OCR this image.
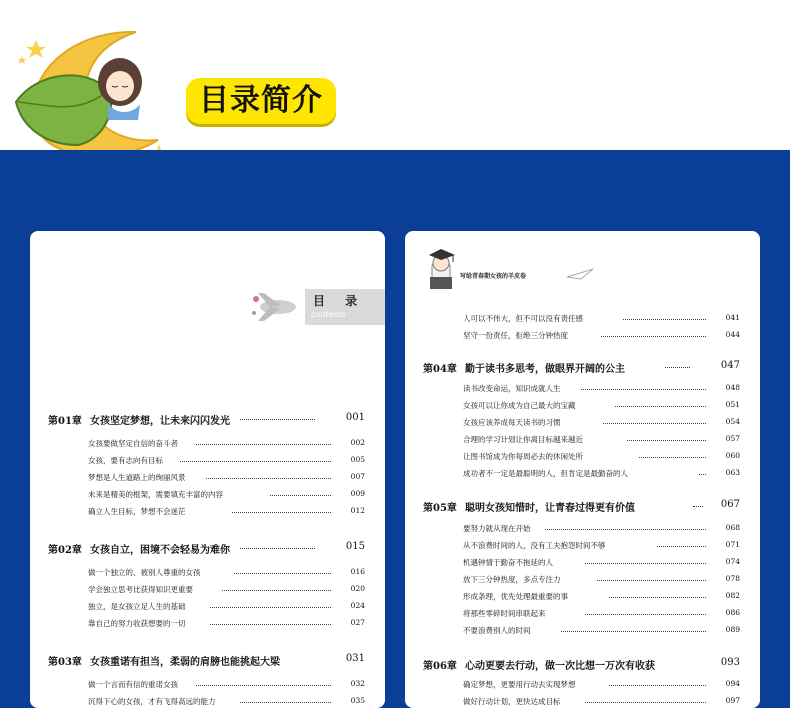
目录简介
目 录
contents
第01章 女孩坚定梦想，让未来闪闪发光	001
女孩要做坚定自信的奋斗者	002
女孩，要有志向有目标	005
梦想是人生道路上的绚丽风景	007
未来是精美的框架，需要填充丰富的内容	009
确立人生目标，梦想不会迷茫	012
第02章 女孩自立，困境不会轻易为难你	015
做一个独立的、被别人尊重的女孩	016
学会独立思考比获得知识更重要	020
独立，是女孩立足人生的基础	024
靠自己的努力收获想要的一切	027
第03章 女孩重诺有担当，柔弱的肩膀也能挑起大梁	031
做一个言而有信的重诺女孩	032
沉得下心的女孩，才有飞得高远的能力	035
写给青春期女孩的羊皮卷
人可以不伟大，但不可以没有责任感	041
坚守一份责任，拒绝三分钟热度	044
第04章 勤于读书多思考，做眼界开阔的公主	047
读书改变命运，知识成就人生	048
女孩可以让你成为自己最大的宝藏	051
女孩应该养成每天读书的习惯	054
合理的学习计划让你离目标越来越近	057
让图书馆成为你每周必去的休闲处所	060
成功者不一定是最聪明的人，但肯定是最勤奋的人	063
第05章 聪明女孩知惜时，让青春过得更有价值	067
要努力就从现在开始	068
从不浪费时间的人，没有工夫抱怨时间不够	071
机遇钟情于勤奋不拖延的人	074
放下三分钟热度，多点专注力	078
形成条理，优先处理最重要的事	082
将那些零碎时间串联起来	086
不要浪费别人的时间	089
第06章 心动更要去行动，做一次比想一万次有收获	093
确定梦想，更要用行动去实现梦想	094
做好行动计划，更快达成目标	097
